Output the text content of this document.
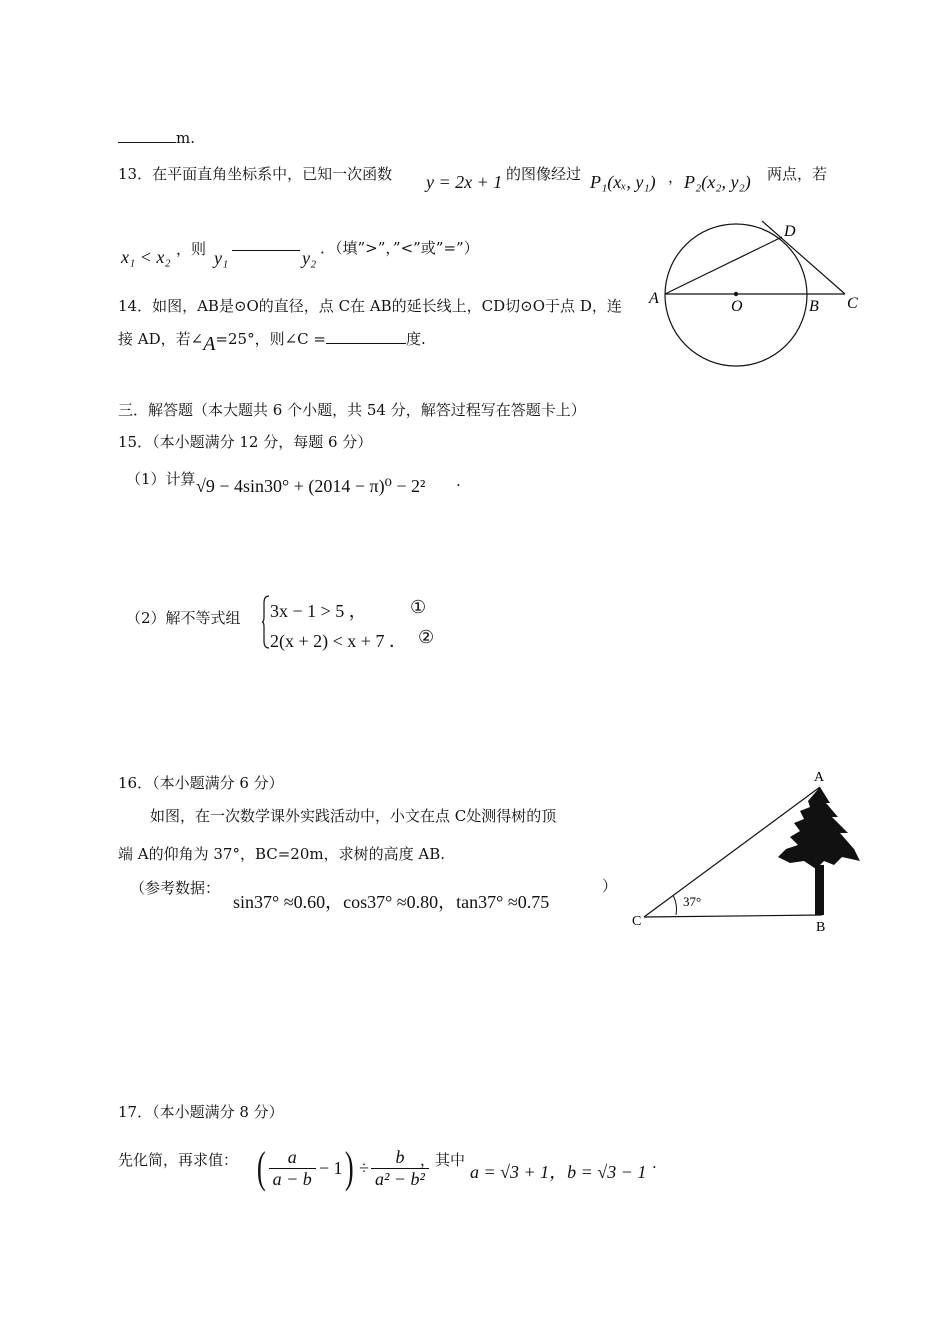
m.
13．在平面直角坐标系中，已知一次函数 y = 2x + 1 的图像经过 P₁(xₓ, y₁) ， P₂(x₂, y₂) 两点，若
x₁ < x₂ ，则 y₁	y₂ ．（填”>”，”<”或”=”）
A	O	B C
D
14．如图，AB是⊙O的直径，点 C在 AB的延长线上，CD切⊙O于点 D，连
接 AD，若∠A=25°，则∠C =	度.
三．解答题（本大题共 6 个小题，共 54 分，解答过程写在答题卡上）
15．（本小题满分 12 分，每题 6 分）
（1）计算 √9 − 4sin30° + (2014 − π)⁰ − 2² .
（2）解不等式组 3x − 1 > 5 ， ①
2(x + 2) < x + 7 ． ②
16．（本小题满分 6 分）
如图，在一次数学课外实践活动中，小文在点 C处测得树的顶
端 A的仰角为 37°，BC=20m，求树的高度 AB.
（参考数据：
sin37° ≈0.60，cos37° ≈0.80，tan37° ≈0.75
）
A
B
C
37°
17．（本小题满分 8 分）
先化简，再求值： ( $\frac{a}{a - b} - 1$ ) ÷ $\frac{b}{\text{a² − b²}}$
，其中
a = √3 + 1，b = √3 − 1 .
